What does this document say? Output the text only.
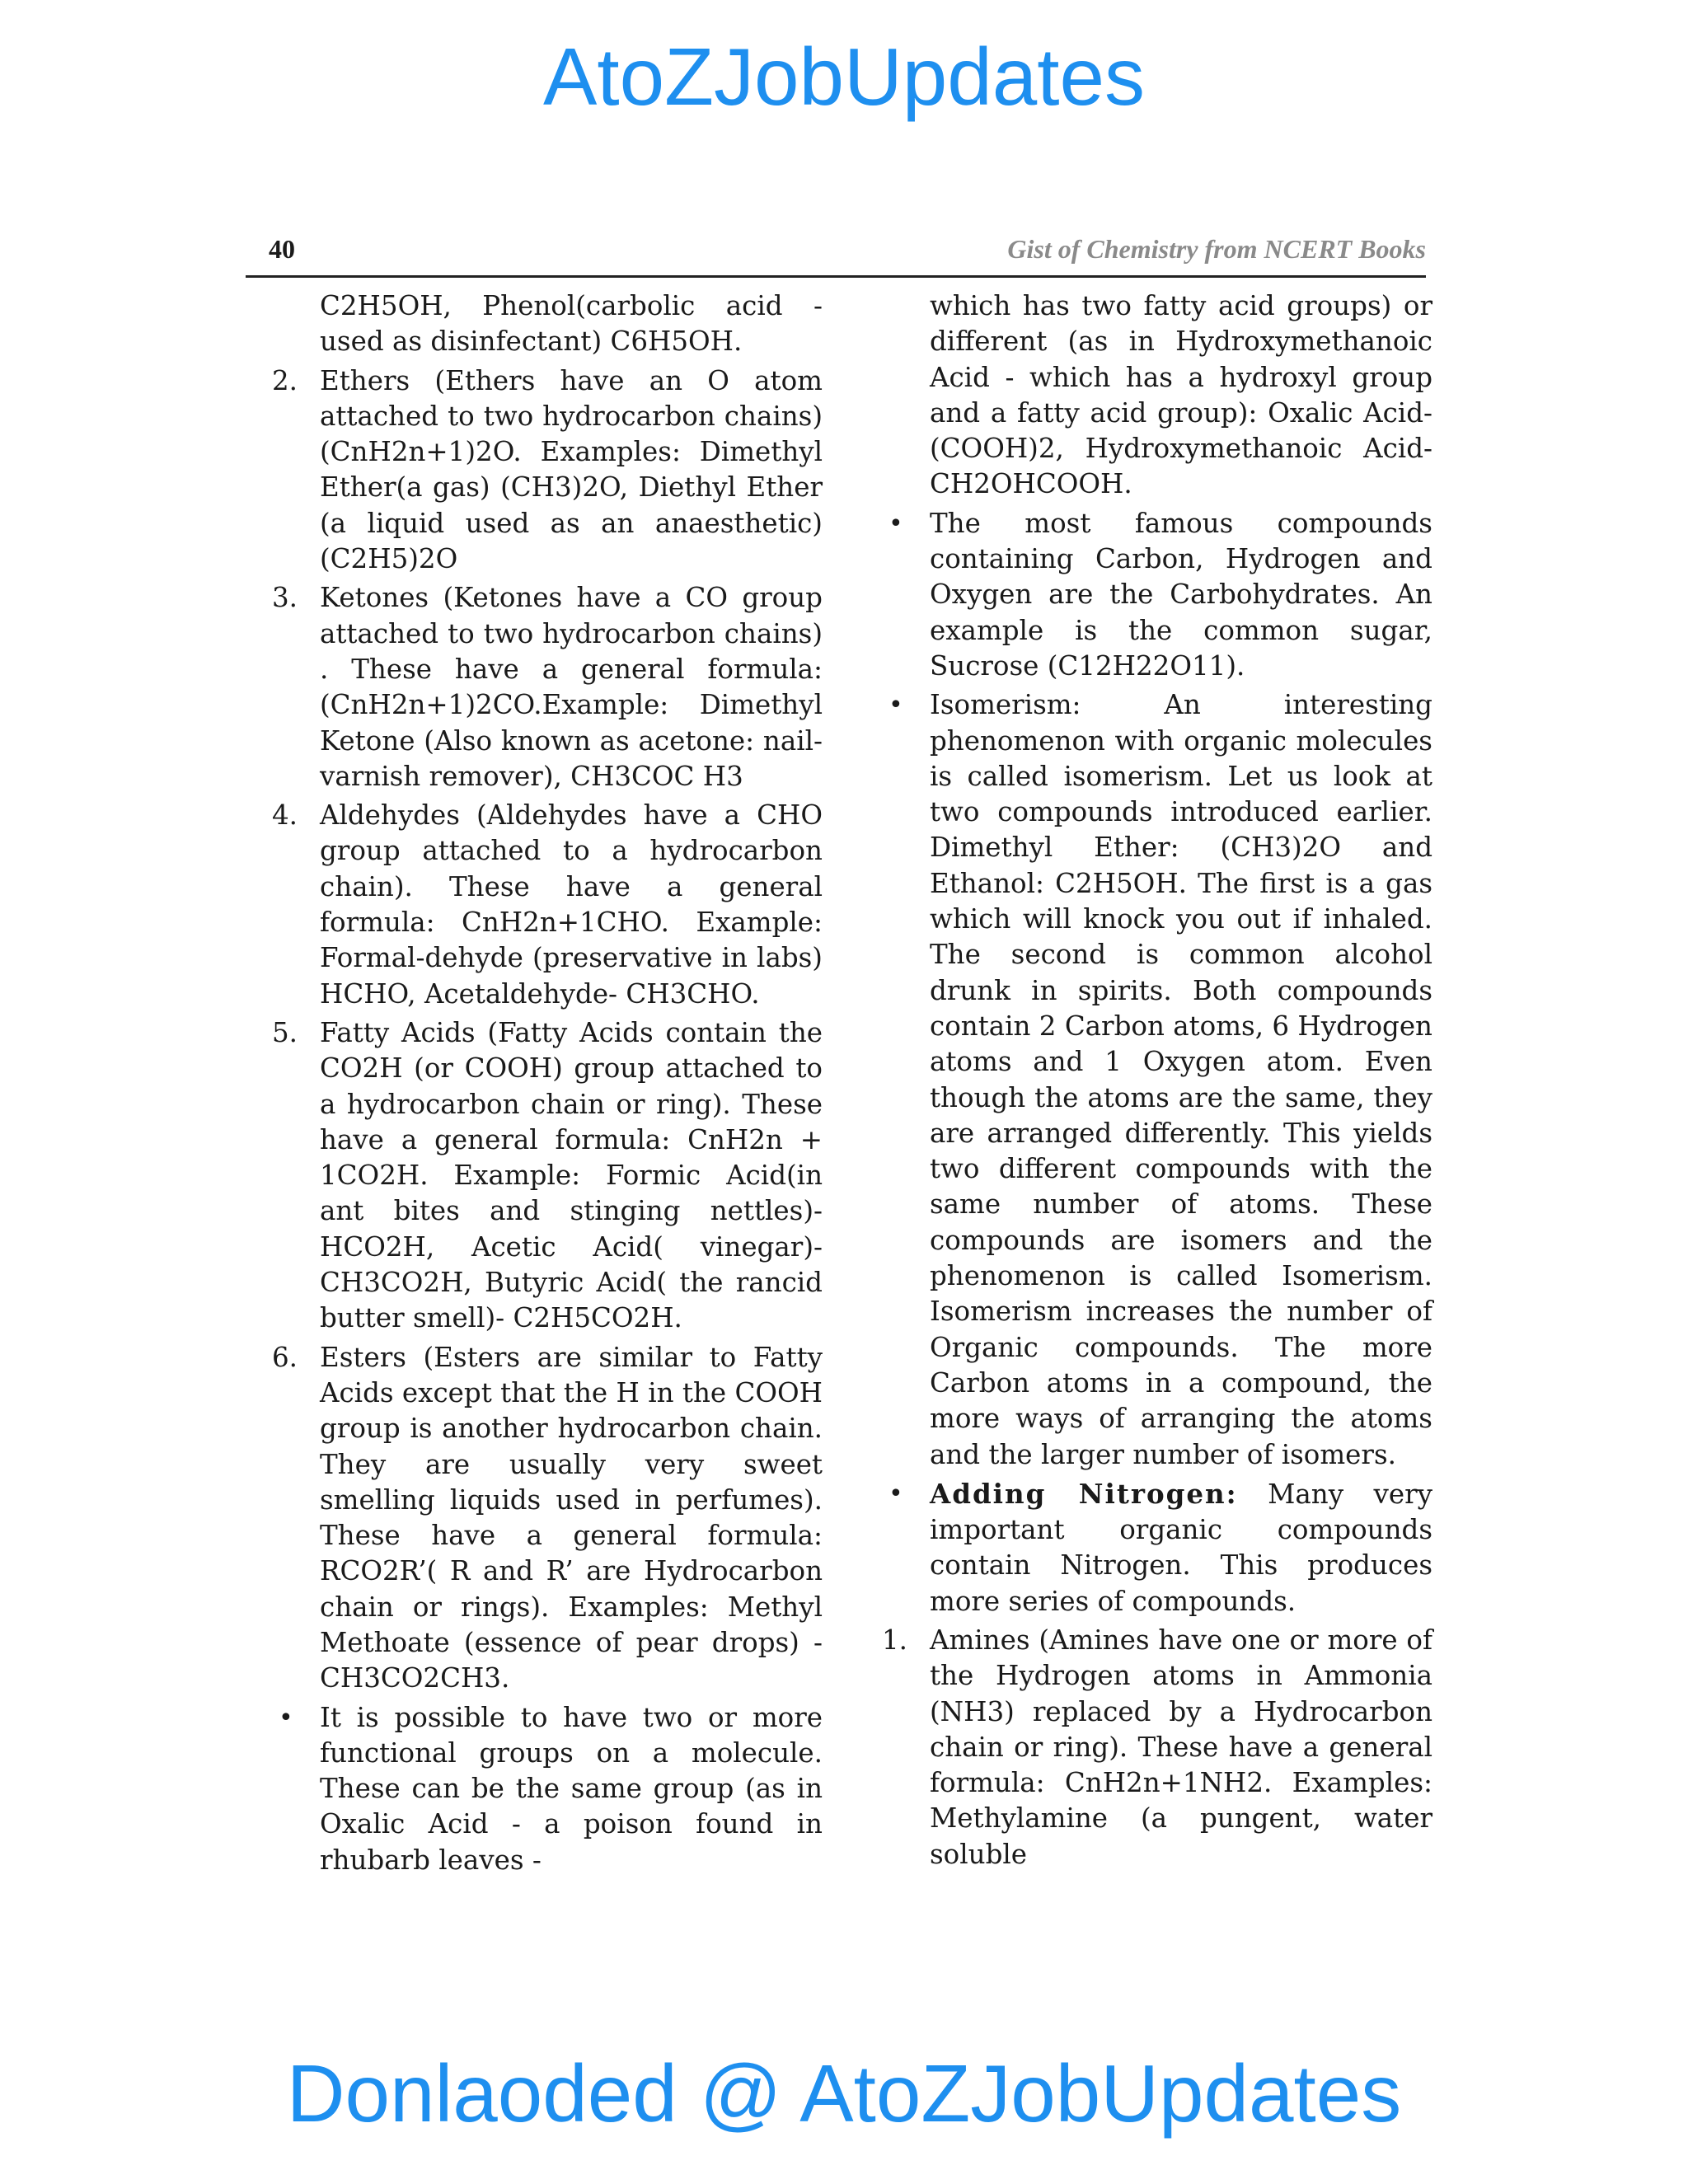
AtoZJobUpdates
40	Gist of Chemistry from NCERT Books

C2H5OH, Phenol(carbolic acid - used as disinfectant) C6H5OH.

2. Ethers (Ethers have an O atom attached to two hydrocarbon chains) (CnH2n+1)2O. Examples: Dimethyl Ether(a gas) (CH3)2O, Diethyl Ether (a liquid used as an anaesthetic) (C2H5)2O
3. Ketones (Ketones have a CO group attached to two hydrocarbon chains) . These have a general formula: (CnH2n+1)2CO.Example: Dimethyl Ketone (Also known as acetone: nail-varnish remover), CH3COC H3
4. Aldehydes (Aldehydes have a CHO group attached to a hydrocarbon chain). These have a general formula: CnH2n+1CHO. Example: Formal-dehyde (preservative in labs) HCHO, Acetaldehyde- CH3CHO.
5. Fatty Acids (Fatty Acids contain the CO2H (or COOH) group attached to a hydrocarbon chain or ring). These have a general formula: CnH2n + 1CO2H. Example: Formic Acid(in ant bites and stinging nettles)- HCO2H, Acetic Acid( vinegar)- CH3CO2H, Butyric Acid( the rancid butter smell)- C2H5CO2H.
6. Esters (Esters are similar to Fatty Acids except that the H in the COOH group is another hydrocarbon chain. They are usually very sweet smelling liquids used in perfumes). These have a general formula: RCO2R’( R and R’ are Hydrocarbon chain or rings). Examples: Methyl Methoate (essence of pear drops) - CH3CO2CH3.
• It is possible to have two or more functional groups on a molecule. These can be the same group (as in Oxalic Acid - a poison found in rhubarb leaves -

which has two fatty acid groups) or different (as in Hydroxymethanoic Acid - which has a hydroxyl group and a fatty acid group): Oxalic Acid-(COOH)2, Hydroxymethanoic Acid-CH2OHCOOH.

• The most famous compounds containing Carbon, Hydrogen and Oxygen are the Carbohydrates. An example is the common sugar, Sucrose (C12H22O11).
• Isomerism: An interesting phenomenon with organic molecules is called isomerism. Let us look at two compounds introduced earlier. Dimethyl Ether: (CH3)2O and Ethanol: C2H5OH. The first is a gas which will knock you out if inhaled. The second is common alcohol drunk in spirits. Both compounds contain 2 Carbon atoms, 6 Hydrogen atoms and 1 Oxygen atom. Even though the atoms are the same, they are arranged differently. This yields two different compounds with the same number of atoms. These compounds are isomers and the phenomenon is called Isomerism. Isomerism increases the number of Organic compounds. The more Carbon atoms in a compound, the more ways of arranging the atoms and the larger number of isomers.
• Adding Nitrogen: Many very important organic compounds contain Nitrogen. This produces more series of compounds.
1. Amines (Amines have one or more of the Hydrogen atoms in Ammonia (NH3) replaced by a Hydrocarbon chain or ring). These have a general formula: CnH2n+1NH2. Examples: Methylamine (a pungent, water soluble
Donlaoded @ AtoZJobUpdates
